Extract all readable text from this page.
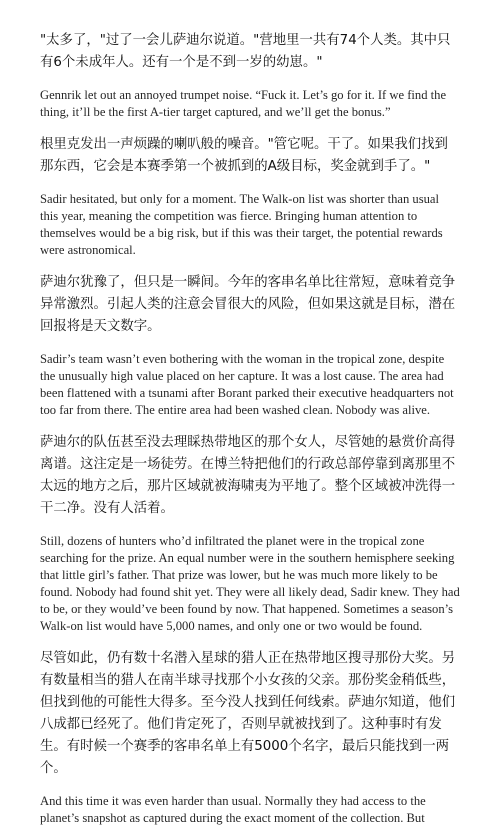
"太多了，"过了一会儿萨迪尔说道。"营地里一共有74个人类。其中只有6个未成年人。还有一个是不到一岁的幼崽。"

Gennrik let out an annoyed trumpet noise. “Fuck it. Let’s go for it. If we find the thing, it’ll be the first A-tier target captured, and we’ll get the bonus.”

根里克发出一声烦躁的喇叭般的噪音。"管它呢。干了。如果我们找到那东西，它会是本赛季第一个被抓到的A级目标，奖金就到手了。"

Sadir hesitated, but only for a moment. The Walk-on list was shorter than usual this year, meaning the competition was fierce. Bringing human attention to themselves would be a big risk, but if this was their target, the potential rewards were astronomical.

萨迪尔犹豫了，但只是一瞬间。今年的客串名单比往常短，意味着竞争异常激烈。引起人类的注意会冒很大的风险，但如果这就是目标，潜在回报将是天文数字。

Sadir’s team wasn’t even bothering with the woman in the tropical zone, despite the unusually high value placed on her capture. It was a lost cause. The area had been flattened with a tsunami after Borant parked their executive headquarters not too far from there. The entire area had been washed clean. Nobody was alive.

萨迪尔的队伍甚至没去理睬热带地区的那个女人，尽管她的悬赏价高得离谱。这注定是一场徒劳。在博兰特把他们的行政总部停靠到离那里不太远的地方之后，那片区域就被海啸夷为平地了。整个区域被冲洗得一干二净。没有人活着。

Still, dozens of hunters who’d infiltrated the planet were in the tropical zone searching for the prize. An equal number were in the southern hemisphere seeking that little girl’s father. That prize was lower, but he was much more likely to be found. Nobody had found shit yet. They were all likely dead, Sadir knew. They had to be, or they would’ve been found by now. That happened. Sometimes a season’s Walk-on list would have 5,000 names, and only one or two would be found.

尽管如此，仍有数十名潜入星球的猎人正在热带地区搜寻那份大奖。另有数量相当的猎人在南半球寻找那个小女孩的父亲。那份奖金稍低些，但找到他的可能性大得多。至今没人找到任何线索。萨迪尔知道，他们八成都已经死了。他们肯定死了，否则早就被找到了。这种事时有发生。有时候一个赛季的客串名单上有5000个名字，最后只能找到一两个。

And this time it was even harder than usual. Normally they had access to the planet’s snapshot as captured during the exact moment of the collection. But
